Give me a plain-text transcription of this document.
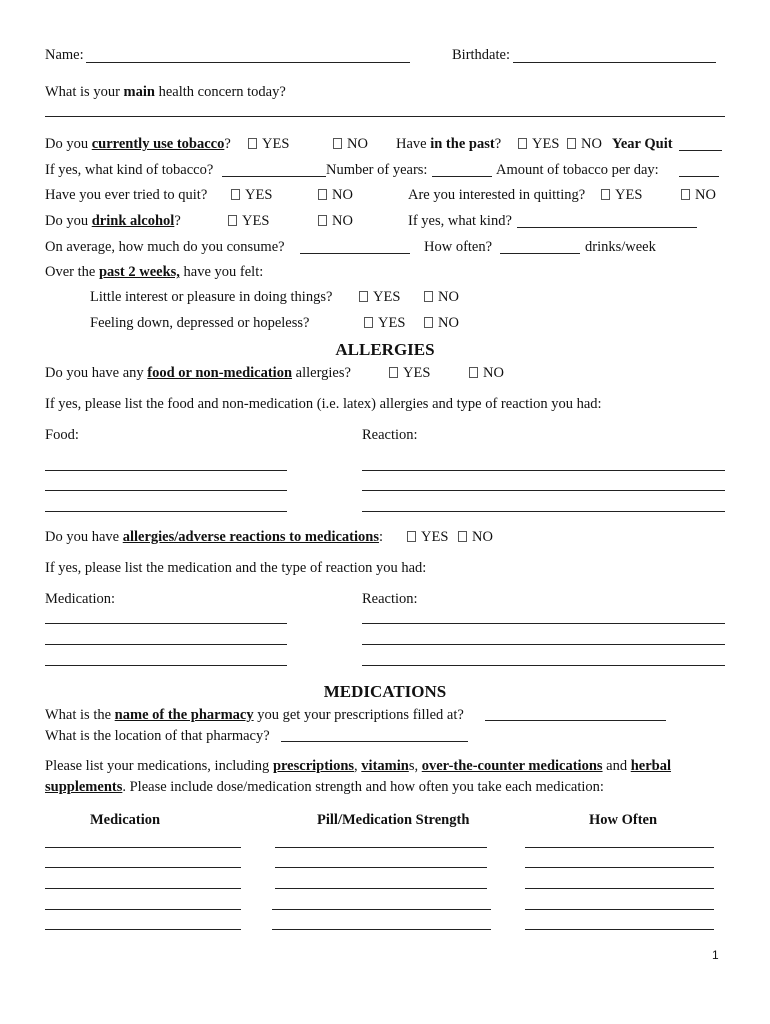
Name:	Birthdate:
What is your main health concern today?
Do you currently use tobacco?	YES	NO Have in the past?	YES	NO Year Quit
If yes, what kind of tobacco?	Number of years:	Amount of tobacco per day:
Have you ever tried to quit?	YES	NO	Are you interested in quitting?	YES	NO
Do you drink alcohol?	YES	NO	If yes, what kind?
On average, how much do you consume?	How often?	drinks/week
Over the past 2 weeks, have you felt:
Little interest or pleasure in doing things?	YES	NO
Feeling down, depressed or hopeless?	YES	NO
ALLERGIES
Do you have any food or non-medication allergies?	YES	NO
If yes, please list the food and non-medication (i.e. latex) allergies and type of reaction you had:
Food:	Reaction:
Do you have allergies/adverse reactions to medications:	YES	NO
If yes, please list the medication and the type of reaction you had:
Medication:	Reaction:
MEDICATIONS
What is the name of the pharmacy you get your prescriptions filled at?
What is the location of that pharmacy?
Please list your medications, including prescriptions, vitamins, over-the-counter medications and herbal
supplements. Please include dose/medication strength and how often you take each medication:
Medication	Pill/Medication Strength	How Often
1
